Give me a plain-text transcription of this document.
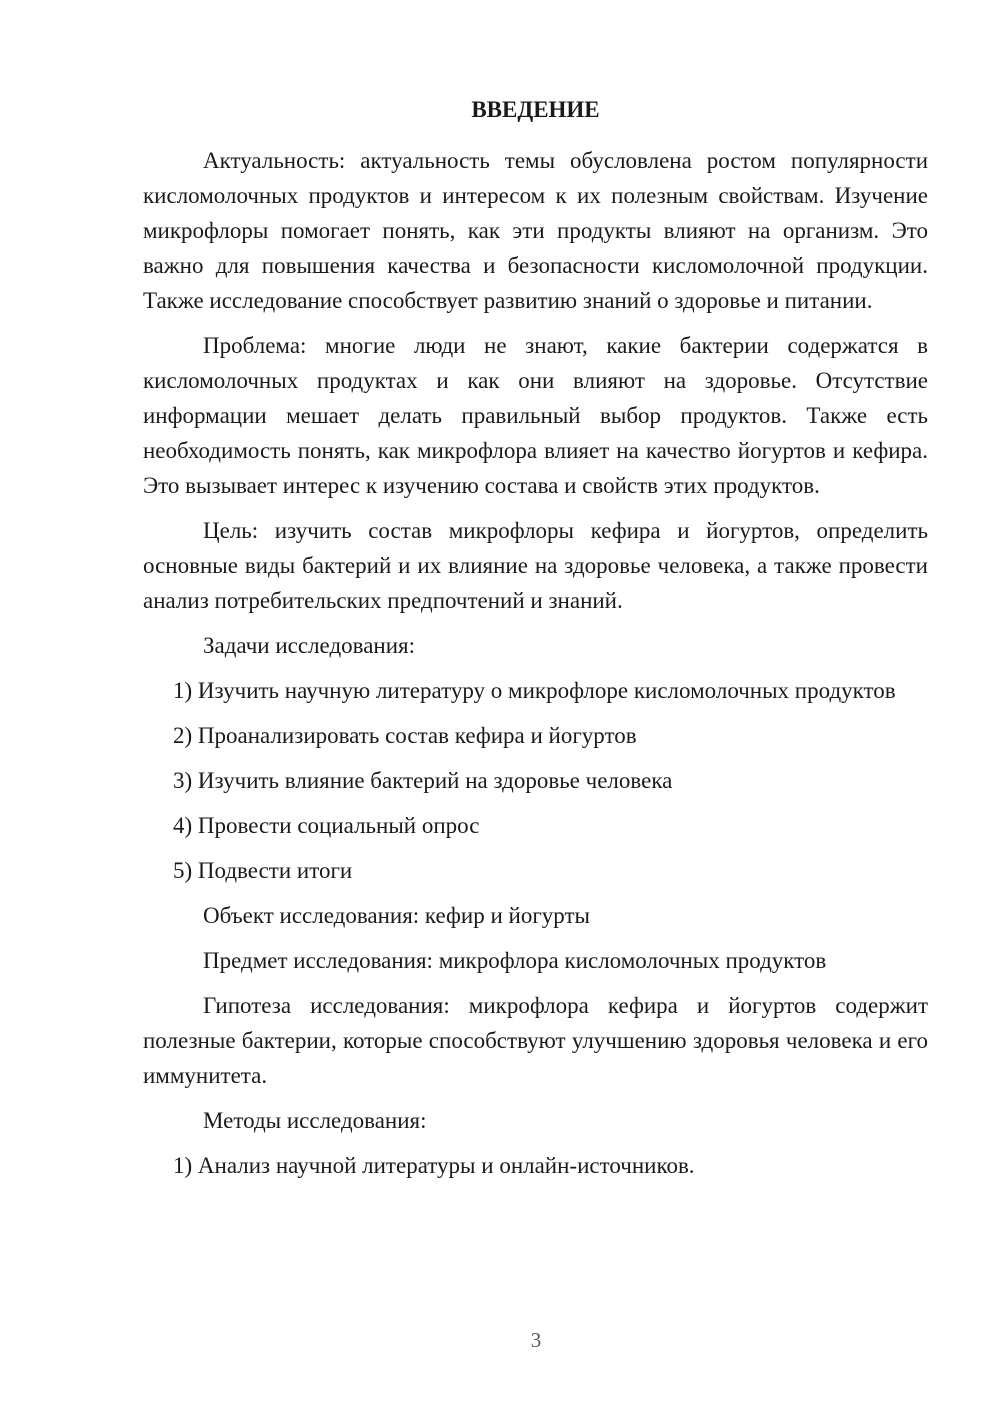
ВВЕДЕНИЕ

Актуальность: актуальность темы обусловлена ростом популярности кисломолочных продуктов и интересом к их полезным свойствам. Изучение микрофлоры помогает понять, как эти продукты влияют на организм. Это важно для повышения качества и безопасности кисломолочной продукции. Также исследование способствует развитию знаний о здоровье и питании.

Проблема: многие люди не знают, какие бактерии содержатся в кисломолочных продуктах и как они влияют на здоровье. Отсутствие информации мешает делать правильный выбор продуктов. Также есть необходимость понять, как микрофлора влияет на качество йогуртов и кефира. Это вызывает интерес к изучению состава и свойств этих продуктов.

Цель: изучить состав микрофлоры кефира и йогуртов, определить основные виды бактерий и их влияние на здоровье человека, а также провести анализ потребительских предпочтений и знаний.

Задачи исследования:

1) Изучить научную литературу о микрофлоре кисломолочных продуктов

2) Проанализировать состав кефира и йогуртов

3) Изучить влияние бактерий на здоровье человека

4) Провести социальный опрос

5) Подвести итоги

Объект исследования: кефир и йогурты

Предмет исследования: микрофлора кисломолочных продуктов

Гипотеза исследования: микрофлора кефира и йогуртов содержит полезные бактерии, которые способствуют улучшению здоровья человека и его иммунитета.

Методы исследования:

1) Анализ научной литературы и онлайн-источников.

3
